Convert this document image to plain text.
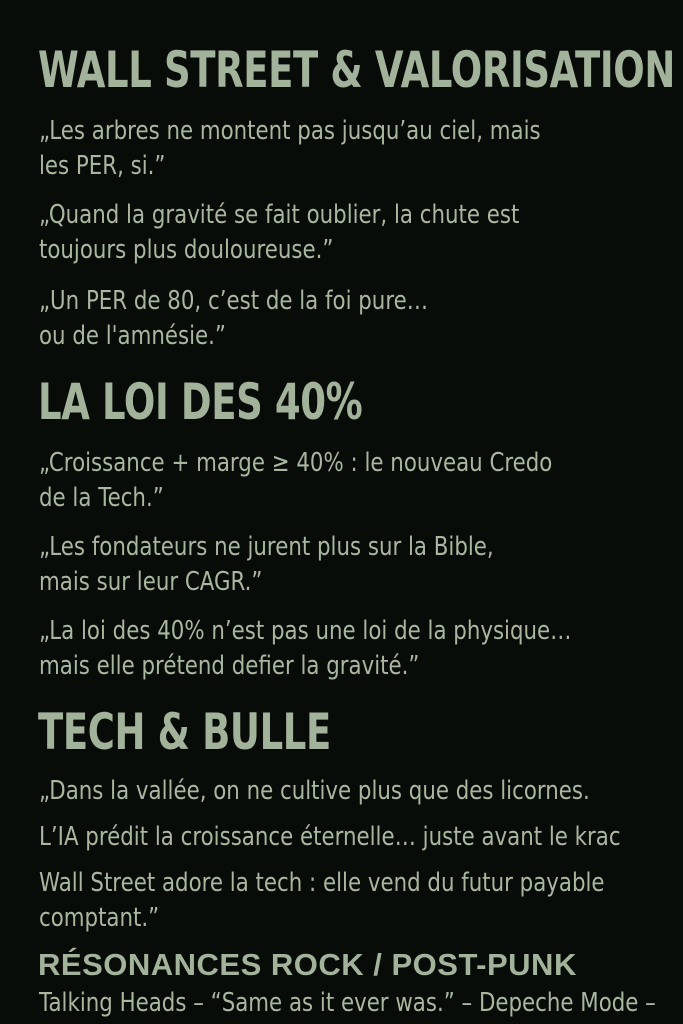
WALL STREET & VALORISATION

„Les arbres ne montent pas jusqu’au ciel, mais
les PER, si.”

„Quand la gravité se fait oublier, la chute est
toujours plus douloureuse.”

„Un PER de 80, c’est de la foi pure…
ou de l'amnésie.”

LA LOI DES 40%

„Croissance + marge ≥ 40% : le nouveau Credo
de la Tech.”

„Les fondateurs ne jurent plus sur la Bible,
mais sur leur CAGR.”

„La loi des 40% n’est pas une loi de la physique…
mais elle prétend defier la gravité.”

TECH & BULLE

„Dans la vallée, on ne cultive plus que des licornes.

L’IA prédit la croissance éternelle… juste avant le krac

Wall Street adore la tech : elle vend du futur payable
comptant.”

RÉSONANCES ROCK / POST-PUNK

Talking Heads – “Same as it ever was.” – Depeche Mode –
